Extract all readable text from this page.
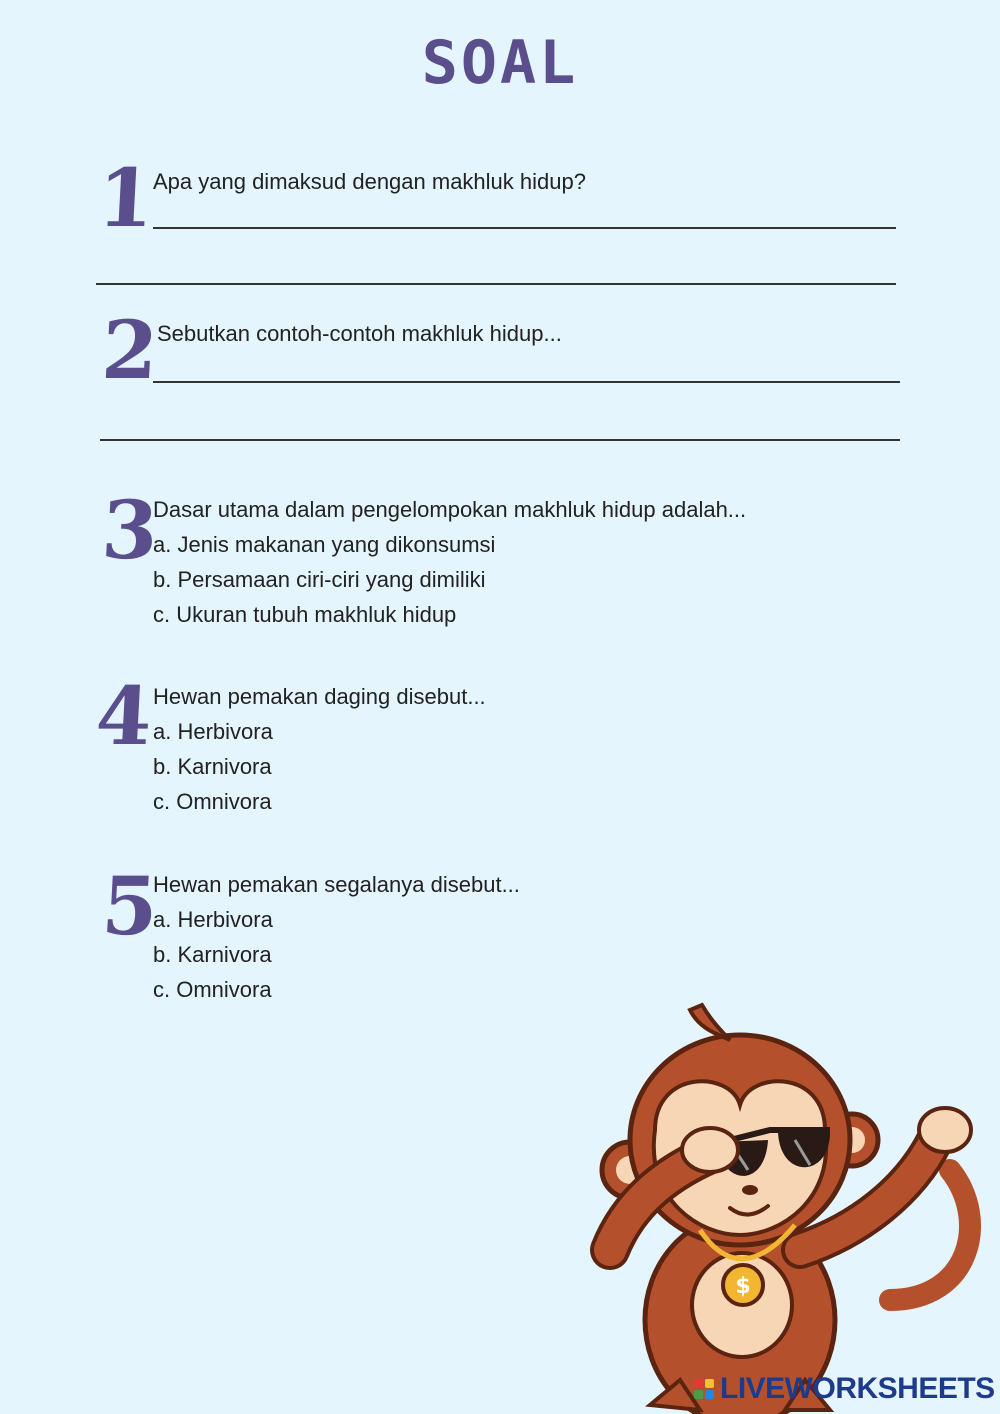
SOAL
1
Apa yang dimaksud dengan makhluk hidup?
2
Sebutkan contoh-contoh makhluk hidup...
3
Dasar utama dalam pengelompokan makhluk hidup adalah...
a. Jenis makanan yang dikonsumsi
b. Persamaan ciri-ciri yang dimiliki
c. Ukuran tubuh makhluk hidup
4
Hewan pemakan daging disebut...
a. Herbivora
b. Karnivora
c. Omnivora
5
Hewan pemakan segalanya disebut...
a. Herbivora
b. Karnivora
c. Omnivora
$
LIVEWORKSHEETS
